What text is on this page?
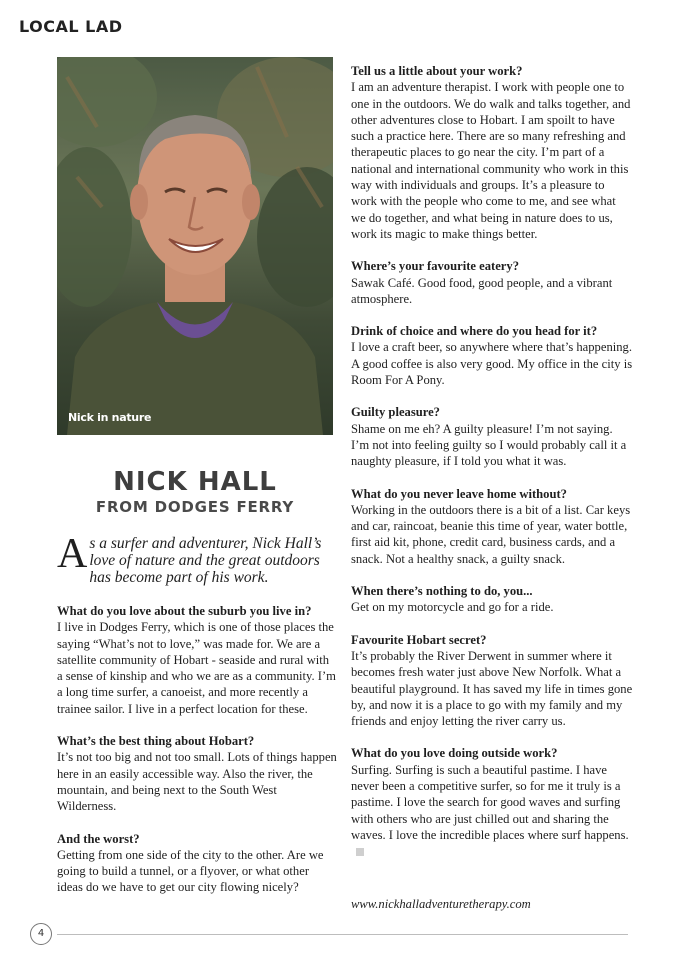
LOCAL LAD
Nick in nature
NICK HALL
FROM DODGES FERRY
As a surfer and adventurer, Nick Hall’s love of nature and the great outdoors has become part of his work.
What do you love about the suburb you live in?

I live in Dodges Ferry, which is one of those places the saying “What’s not to love,” was made for. We are a satellite community of Hobart - seaside and rural with a sense of kinship and who we are as a community. I’m a long time surfer, a canoeist, and more recently a trainee sailor. I live in a perfect location for these.

What’s the best thing about Hobart?

It’s not too big and not too small. Lots of things happen here in an easily accessible way. Also the river, the mountain, and being next to the South West Wilderness.

And the worst?

Getting from one side of the city to the other. Are we going to build a tunnel, or a flyover, or what other ideas do we have to get our city flowing nicely?

Tell us a little about your work?

I am an adventure therapist. I work with people one to one in the outdoors. We do walk and talks together, and other adventures close to Hobart. I am spoilt to have such a practice here. There are so many refreshing and therapeutic places to go near the city. I’m part of a national and international community who work in this way with individuals and groups. It’s a pleasure to work with the people who come to me, and see what we do together, and what being in nature does to us, work its magic to make things better.

Where’s your favourite eatery?

Sawak Café. Good food, good people, and a vibrant atmosphere.

Drink of choice and where do you head for it?

I love a craft beer, so anywhere where that’s happening. A good coffee is also very good. My office in the city is Room For A Pony.

Guilty pleasure?

Shame on me eh? A guilty pleasure! I’m not saying. I’m not into feeling guilty so I would probably call it a naughty pleasure, if I told you what it was.

What do you never leave home without?

Working in the outdoors there is a bit of a list. Car keys and car, raincoat, beanie this time of year, water bottle, first aid kit, phone, credit card, business cards, and a snack. Not a healthy snack, a guilty snack.

When there’s nothing to do, you...

Get on my motorcycle and go for a ride.

Favourite Hobart secret?

It’s probably the River Derwent in summer where it becomes fresh water just above New Norfolk. What a beautiful playground. It has saved my life in times gone by, and now it is a place to go with my family and my friends and enjoy letting the river carry us.

What do you love doing outside work?

Surfing. Surfing is such a beautiful pastime. I have never been a competitive surfer, so for me it truly is a pastime. I love the search for good waves and surfing with others who are just chilled out and sharing the waves. I love the incredible places where surf happens.

www.nickhalladventuretherapy.com
4
